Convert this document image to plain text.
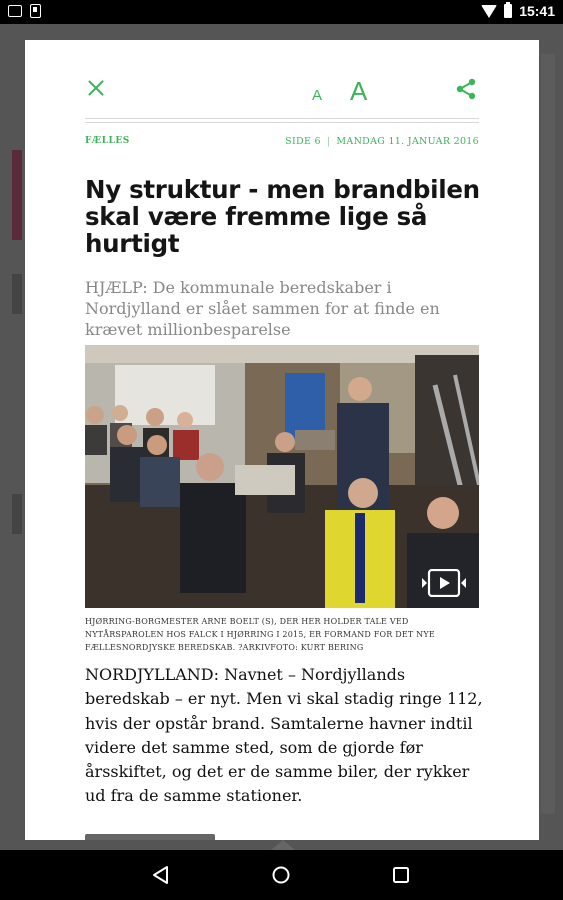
15:41
A A
FÆLLES	SIDE 6 | MANDAG 11. JANUAR 2016
Ny struktur - men brandbilen skal være fremme lige så hurtigt

HJÆLP: De kommunale beredskaber i Nordjylland er slået sammen for at finde en krævet millionbesparelse

HJØRRING-BORGMESTER ARNE BOELT (S), DER HER HOLDER TALE VED NYTÅRSPAROLEN HOS FALCK I HJØRRING I 2015, ER FORMAND FOR DET NYE FÆLLESNORDJYSKE BEREDSKAB. ?ARKIVFOTO: KURT BERING

NORDJYLLAND: Navnet – Nordjyllands beredskab – er nyt. Men vi skal stadig ringe 112, hvis der opstår brand. Samtalerne havner indtil videre det samme sted, som de gjorde før årsskiftet, og det er de samme biler, der rykker ud fra de samme stationer.
